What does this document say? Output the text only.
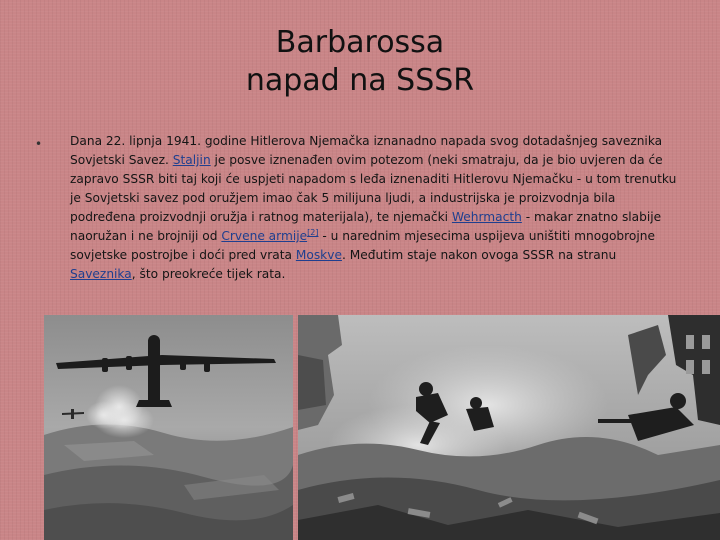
Barbarossa
napad na SSSR
• Dana 22. lipnja 1941. godine Hitlerova Njemačka iznanadno napada svog dotadašnjeg saveznika Sovjetski Savez. Staljin je posve iznenađen ovim potezom (neki smatraju, da je bio uvjeren da će zapravo SSSR biti taj koji će uspjeti napadom s leđa iznenaditi Hitlerovu Njemačku - u tom trenutku je Sovjetski savez pod oružjem imao čak 5 milijuna ljudi, a industrijska je proizvodnja bila podređena proizvodnji oružja i ratnog materijala), te njemački Wehrmacth - makar znatno slabije naoružan i ne brojniji od Crvene armije[2] - u narednim mjesecima uspijeva uništiti mnogobrojne sovjetske postrojbe i doći pred vrata Moskve. Međutim staje nakon ovoga SSSR na stranu Saveznika, što preokreće tijek rata.
